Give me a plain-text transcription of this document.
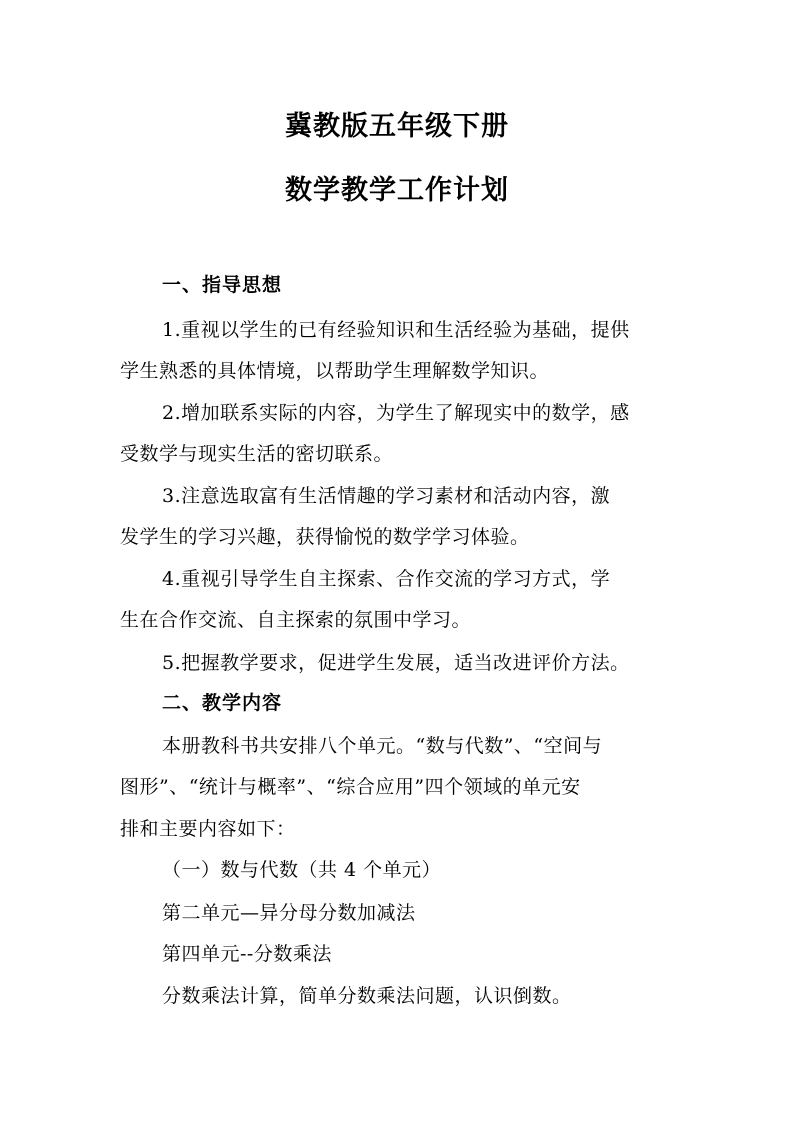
冀教版五年级下册
数学教学工作计划

一、指导思想

1.重视以学生的已有经验知识和生活经验为基础，提供

学生熟悉的具体情境，以帮助学生理解数学知识。

2.增加联系实际的内容，为学生了解现实中的数学，感

受数学与现实生活的密切联系。

3.注意选取富有生活情趣的学习素材和活动内容，激

发学生的学习兴趣，获得愉悦的数学学习体验。

4.重视引导学生自主探索、合作交流的学习方式，学

生在合作交流、自主探索的氛围中学习。

5.把握教学要求，促进学生发展，适当改进评价方法。

二、教学内容

本册教科书共安排八个单元。“数与代数”、“空间与

图形”、“统计与概率”、“综合应用”四个领域的单元安

排和主要内容如下：

（一）数与代数（共 4 个单元）

第二单元—异分母分数加减法

第四单元--分数乘法

分数乘法计算，简单分数乘法问题，认识倒数。
